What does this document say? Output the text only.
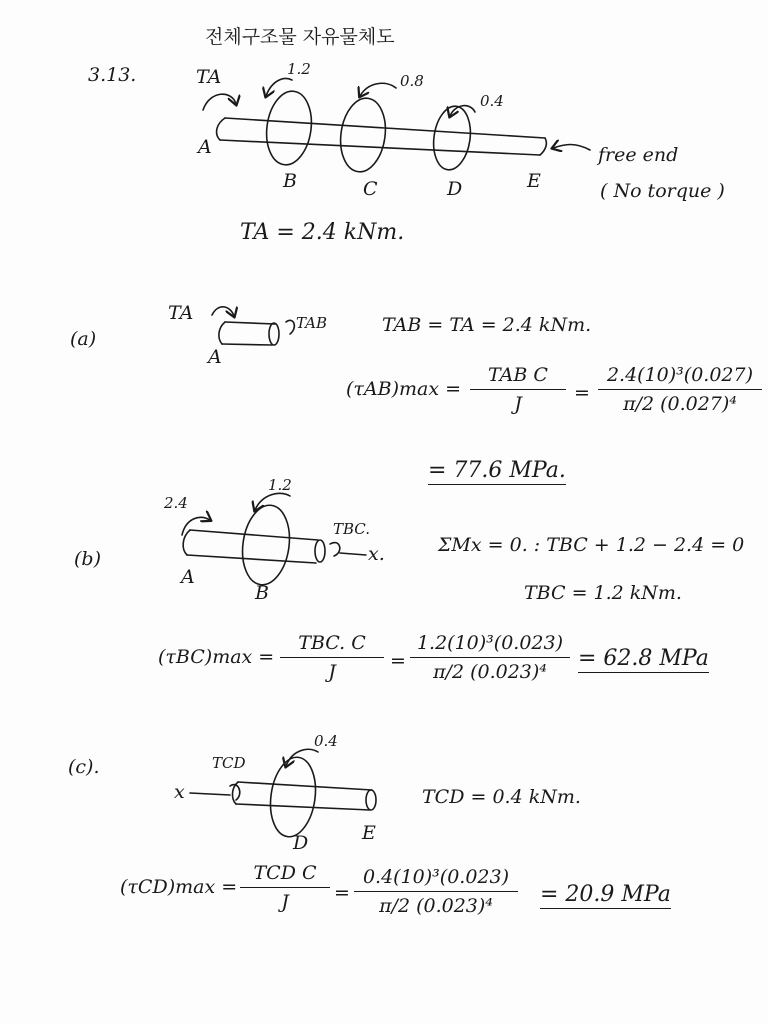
전체구조물 자유물체도
3.13.	TA	1.2
0.8
0.4
A
B	C	D	E
free end
( No torque )
TA = 2.4 kNm.
(a)
TA	TAB
A
TAB = TA = 2.4 kNm.
(τAB)max =
TAB C
J	=
2.4(10)³(0.027)
π/2 (0.027)⁴
= 77.6 MPa.
(b)
2.4
1.2
TBC.
x.
A
B
ΣMx = 0. : TBC + 1.2 − 2.4 = 0
TBC = 1.2 kNm.
(τBC)max =
TBC. C
J	=
1.2(10)³(0.023)
π/2 (0.023)⁴
= 62.8 MPa
(c).	TCD
0.4
x
D	E
TCD = 0.4 kNm.
(τCD)max =
TCD C
J	=
0.4(10)³(0.023)
π/2 (0.023)⁴	= 20.9 MPa
